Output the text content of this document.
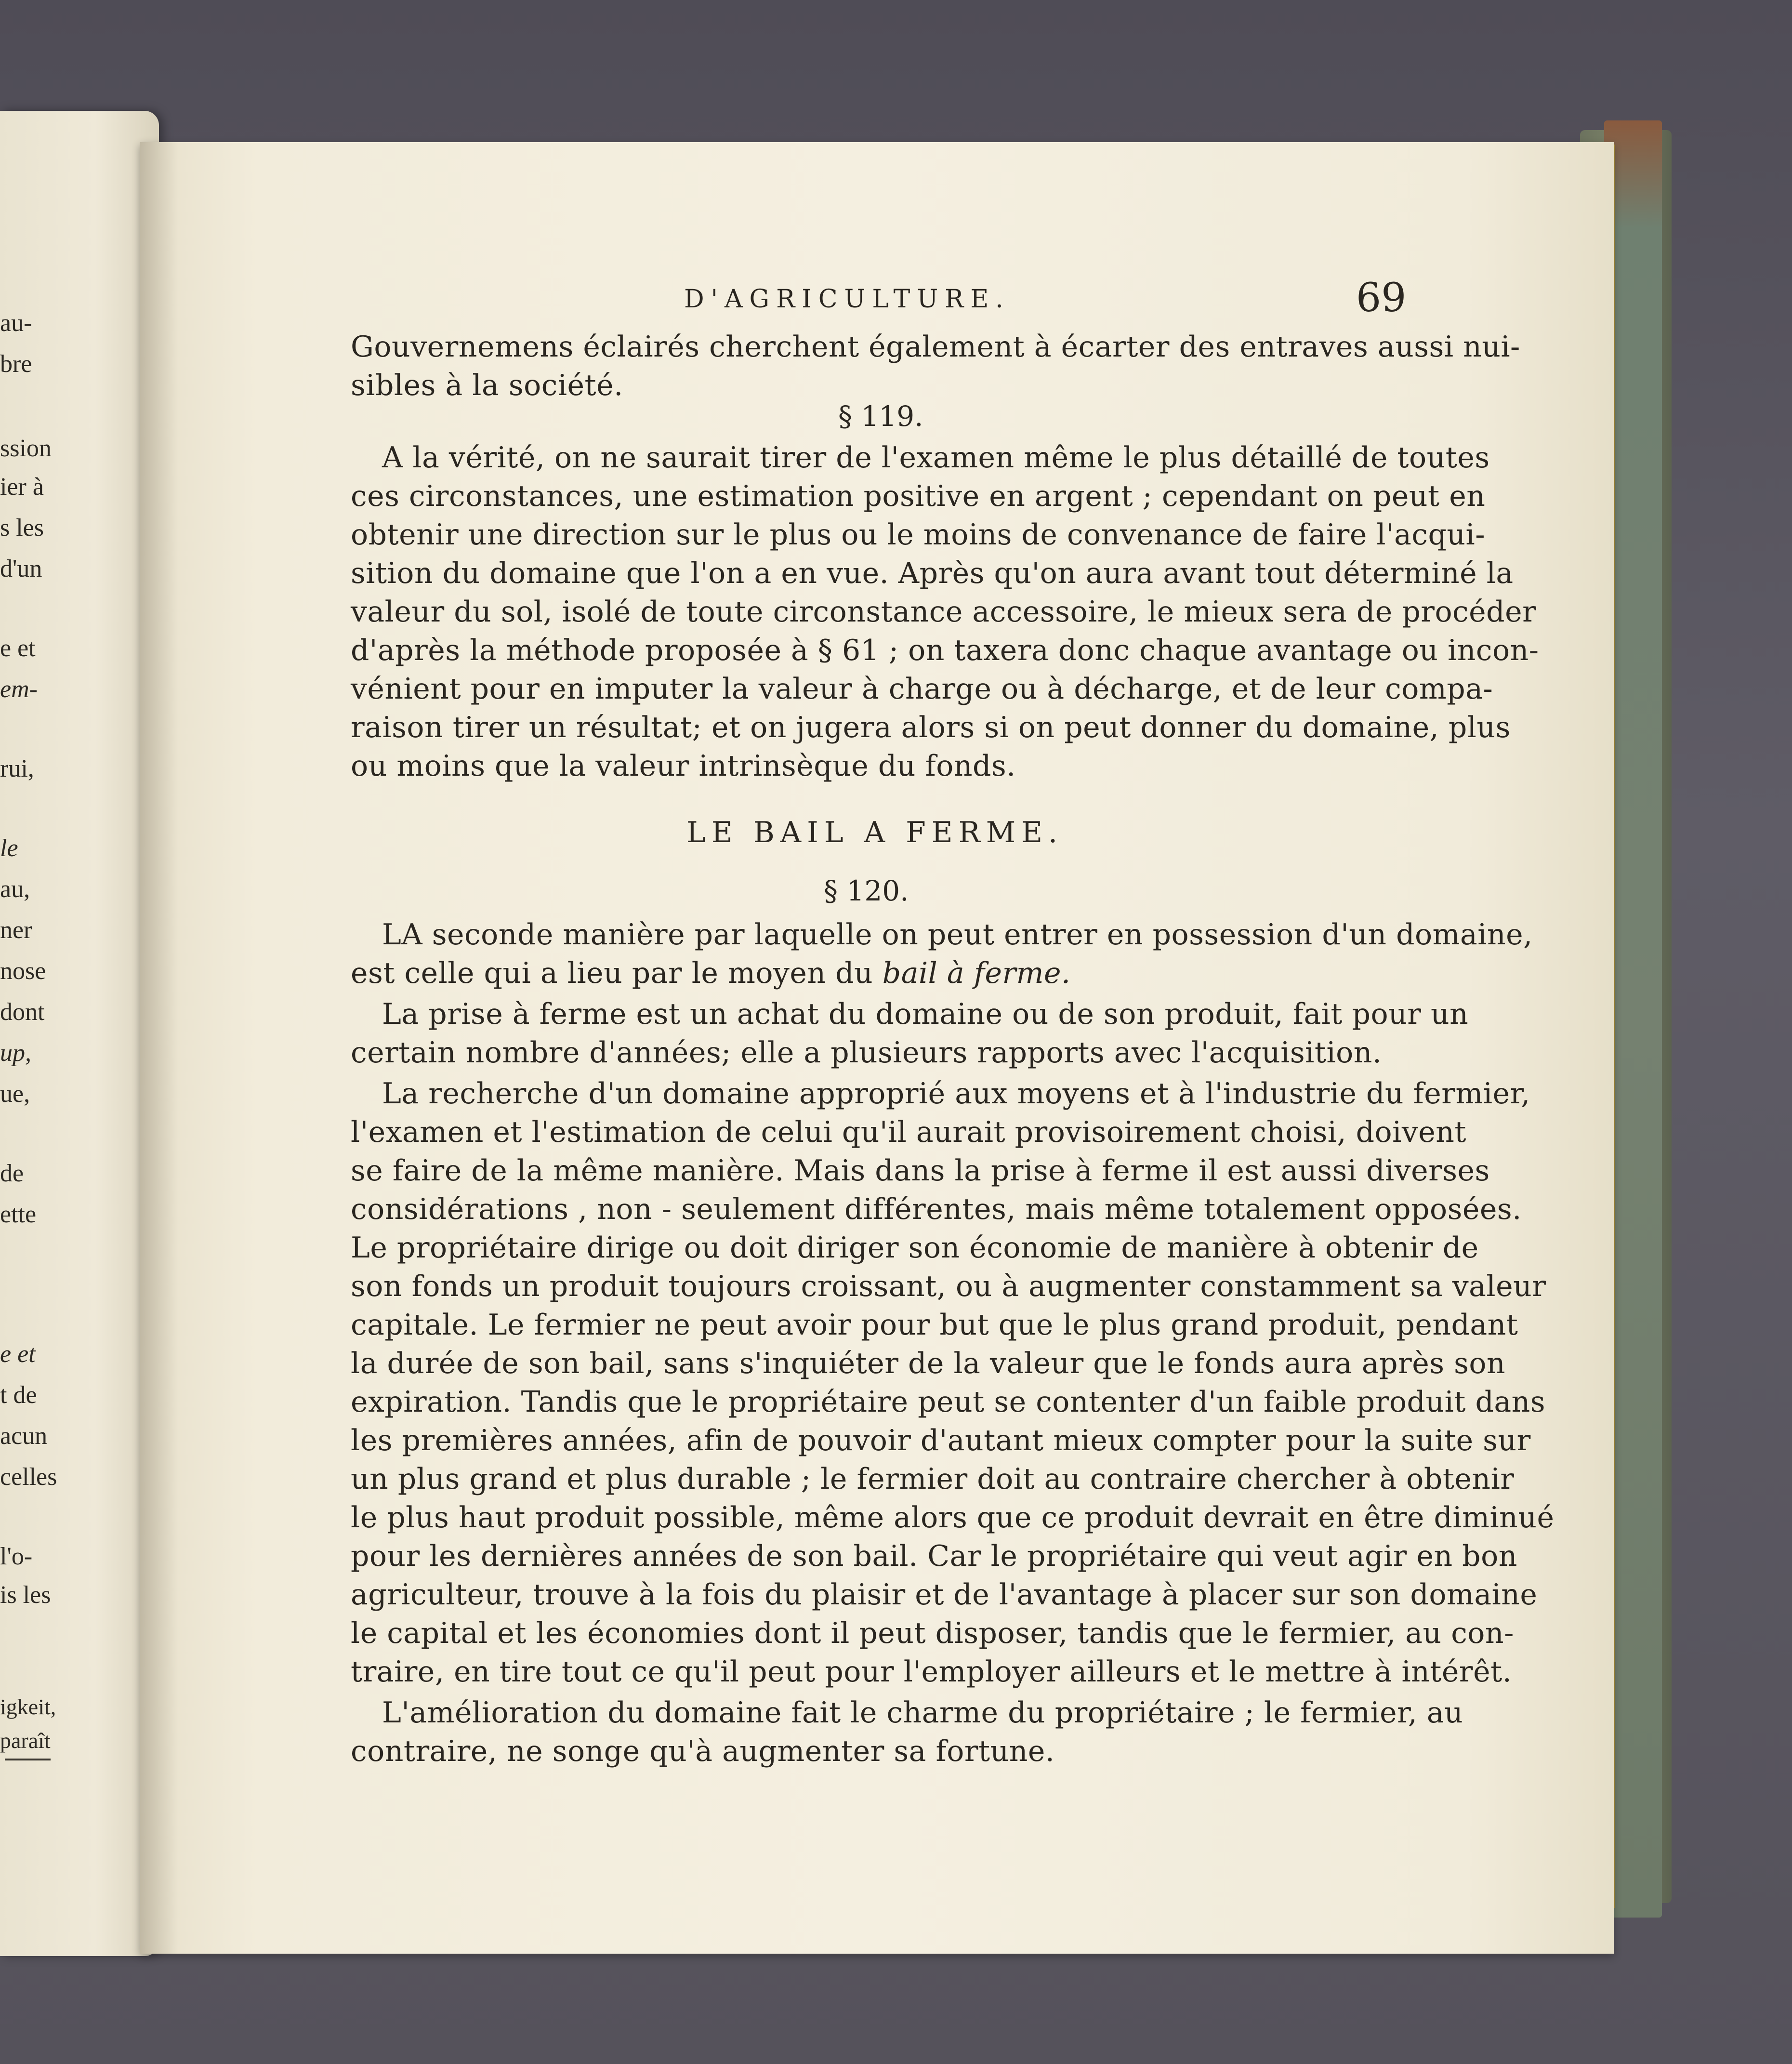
au-
bre
ssion
ier à
s les
d'un
e et
em-
rui,
le
au,
ner
nose
dont
up,
ue,
de
ette
e et
t de
acun
celles
l'o-
is les
igkeit,
paraît
D'AGRICULTURE.	69
Gouvernemens éclairés cherchent également à écarter des entraves aussi nui-
sibles à la société.
§ 119.
A la vérité, on ne saurait tirer de l'examen même le plus détaillé de toutes
ces circonstances, une estimation positive en argent ; cependant on peut en
obtenir une direction sur le plus ou le moins de convenance de faire l'acqui-
sition du domaine que l'on a en vue. Après qu'on aura avant tout déterminé la
valeur du sol, isolé de toute circonstance accessoire, le mieux sera de procéder
d'après la méthode proposée à § 61 ; on taxera donc chaque avantage ou incon-
vénient pour en imputer la valeur à charge ou à décharge, et de leur compa-
raison tirer un résultat; et on jugera alors si on peut donner du domaine, plus
ou moins que la valeur intrinsèque du fonds.
LE BAIL A FERME.
§ 120.
LA seconde manière par laquelle on peut entrer en possession d'un domaine,
est celle qui a lieu par le moyen du bail à ferme.
La prise à ferme est un achat du domaine ou de son produit, fait pour un
certain nombre d'années; elle a plusieurs rapports avec l'acquisition.
La recherche d'un domaine approprié aux moyens et à l'industrie du fermier,
l'examen et l'estimation de celui qu'il aurait provisoirement choisi, doivent
se faire de la même manière. Mais dans la prise à ferme il est aussi diverses
considérations , non - seulement différentes, mais même totalement opposées.
Le propriétaire dirige ou doit diriger son économie de manière à obtenir de
son fonds un produit toujours croissant, ou à augmenter constamment sa valeur
capitale. Le fermier ne peut avoir pour but que le plus grand produit, pendant
la durée de son bail, sans s'inquiéter de la valeur que le fonds aura après son
expiration. Tandis que le propriétaire peut se contenter d'un faible produit dans
les premières années, afin de pouvoir d'autant mieux compter pour la suite sur
un plus grand et plus durable ; le fermier doit au contraire chercher à obtenir
le plus haut produit possible, même alors que ce produit devrait en être diminué
pour les dernières années de son bail. Car le propriétaire qui veut agir en bon
agriculteur, trouve à la fois du plaisir et de l'avantage à placer sur son domaine
le capital et les économies dont il peut disposer, tandis que le fermier, au con-
traire, en tire tout ce qu'il peut pour l'employer ailleurs et le mettre à intérêt.
L'amélioration du domaine fait le charme du propriétaire ; le fermier, au
contraire, ne songe qu'à augmenter sa fortune.
